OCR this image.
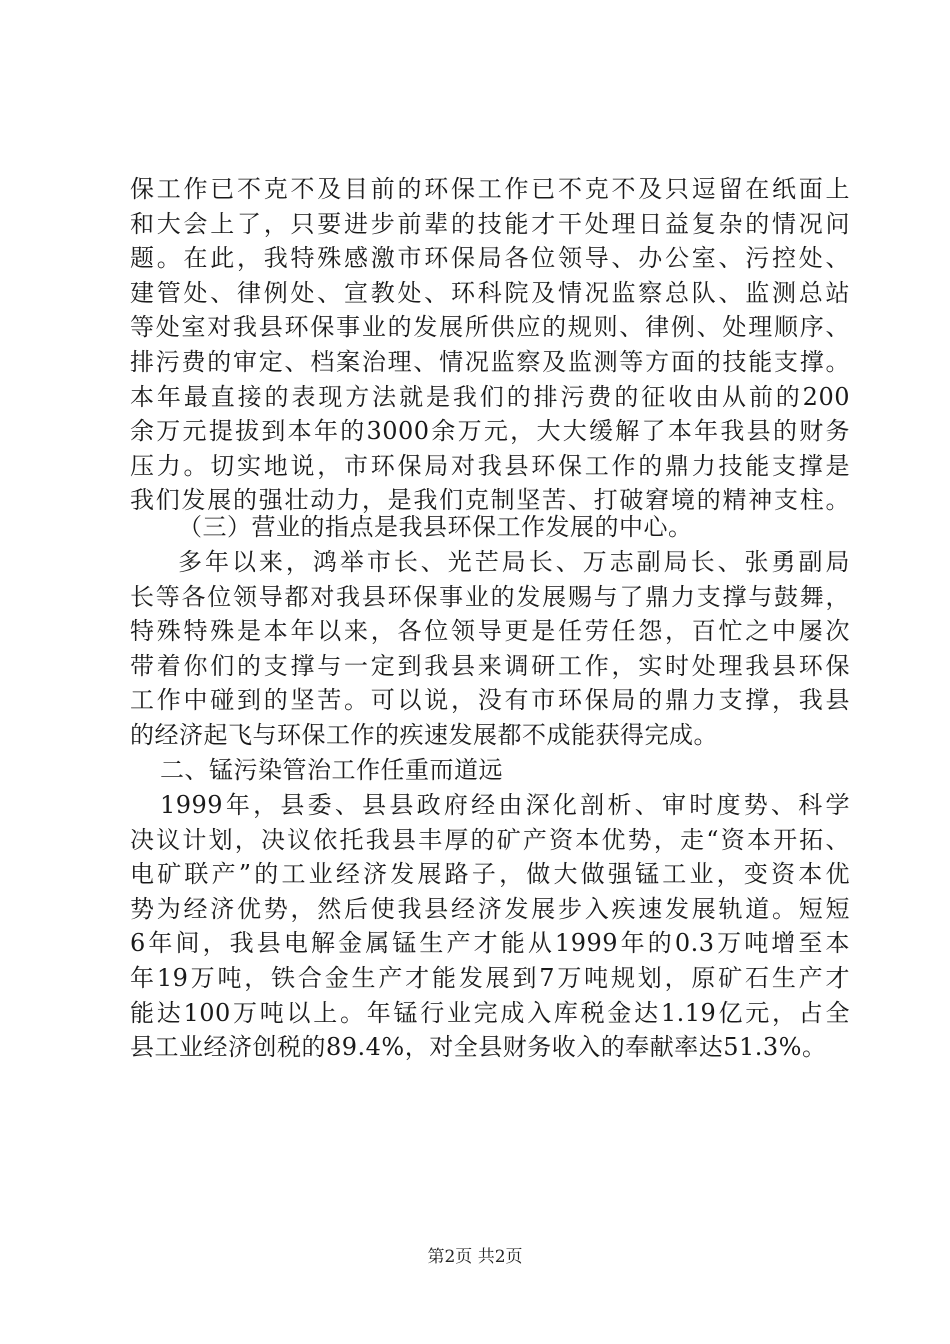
保工作已不克不及目前的环保工作已不克不及只逗留在纸面上
和大会上了，只要进步前辈的技能才干处理日益复杂的情况问
题。在此，我特殊感激市环保局各位领导、办公室、污控处、
建管处、律例处、宣教处、环科院及情况监察总队、监测总站
等处室对我县环保事业的发展所供应的规则、律例、处理顺序、
排污费的审定、档案治理、情况监察及监测等方面的技能支撑。
本年最直接的表现方法就是我们的排污费的征收由从前的200
余万元提拔到本年的3000余万元，大大缓解了本年我县的财务
压力。切实地说，市环保局对我县环保工作的鼎力技能支撑是
我们发展的强壮动力，是我们克制坚苦、打破窘境的精神支柱。
（三）营业的指点是我县环保工作发展的中心。
多年以来，鸿举市长、光芒局长、万志副局长、张勇副局
长等各位领导都对我县环保事业的发展赐与了鼎力支撑与鼓舞，
特殊特殊是本年以来，各位领导更是任劳任怨，百忙之中屡次
带着你们的支撑与一定到我县来调研工作，实时处理我县环保
工作中碰到的坚苦。可以说，没有市环保局的鼎力支撑，我县
的经济起飞与环保工作的疾速发展都不成能获得完成。
二、锰污染管治工作任重而道远
1999年，县委、县县政府经由深化剖析、审时度势、科学
决议计划，决议依托我县丰厚的矿产资本优势，走“资本开拓、
电矿联产”的工业经济发展路子，做大做强锰工业，变资本优
势为经济优势，然后使我县经济发展步入疾速发展轨道。短短
6年间，我县电解金属锰生产才能从1999年的0.3万吨增至本
年19万吨，铁合金生产才能发展到7万吨规划，原矿石生产才
能达100万吨以上。年锰行业完成入库税金达1.19亿元，占全
县工业经济创税的89.4%，对全县财务收入的奉献率达51.3%。
第2页 共2页
